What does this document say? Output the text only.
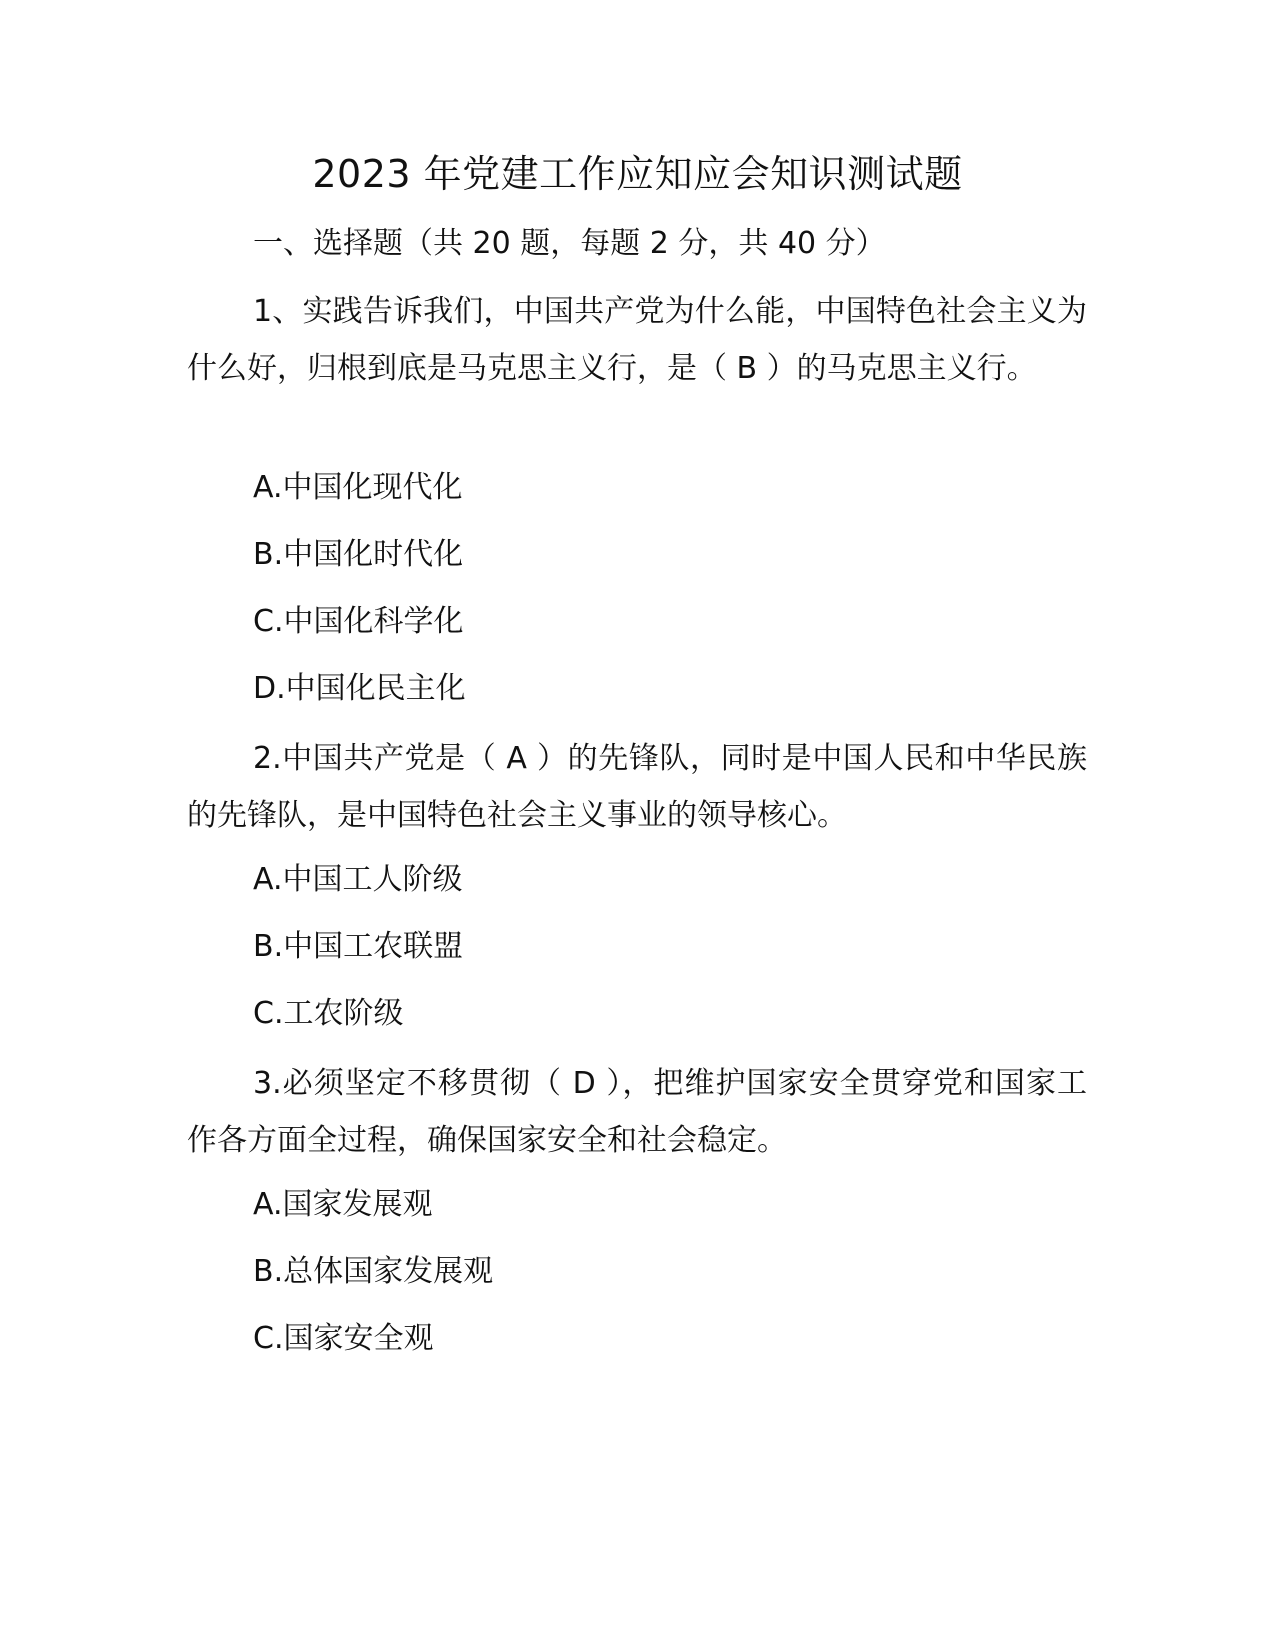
2023 年党建工作应知应会知识测试题

一、选择题（共 20 题，每题 2 分，共 40 分）

1、实践告诉我们，中国共产党为什么能，中国特色社会主义为什么好，归根到底是马克思主义行，是（ B ）的马克思主义行。

A.中国化现代化

B.中国化时代化

C.中国化科学化

D.中国化民主化

2.中国共产党是（ A ）的先锋队，同时是中国人民和中华民族的先锋队，是中国特色社会主义事业的领导核心。

A.中国工人阶级

B.中国工农联盟

C.工农阶级

3.必须坚定不移贯彻（ D ），把维护国家安全贯穿党和国家工作各方面全过程，确保国家安全和社会稳定。

A.国家发展观

B.总体国家发展观

C.国家安全观
